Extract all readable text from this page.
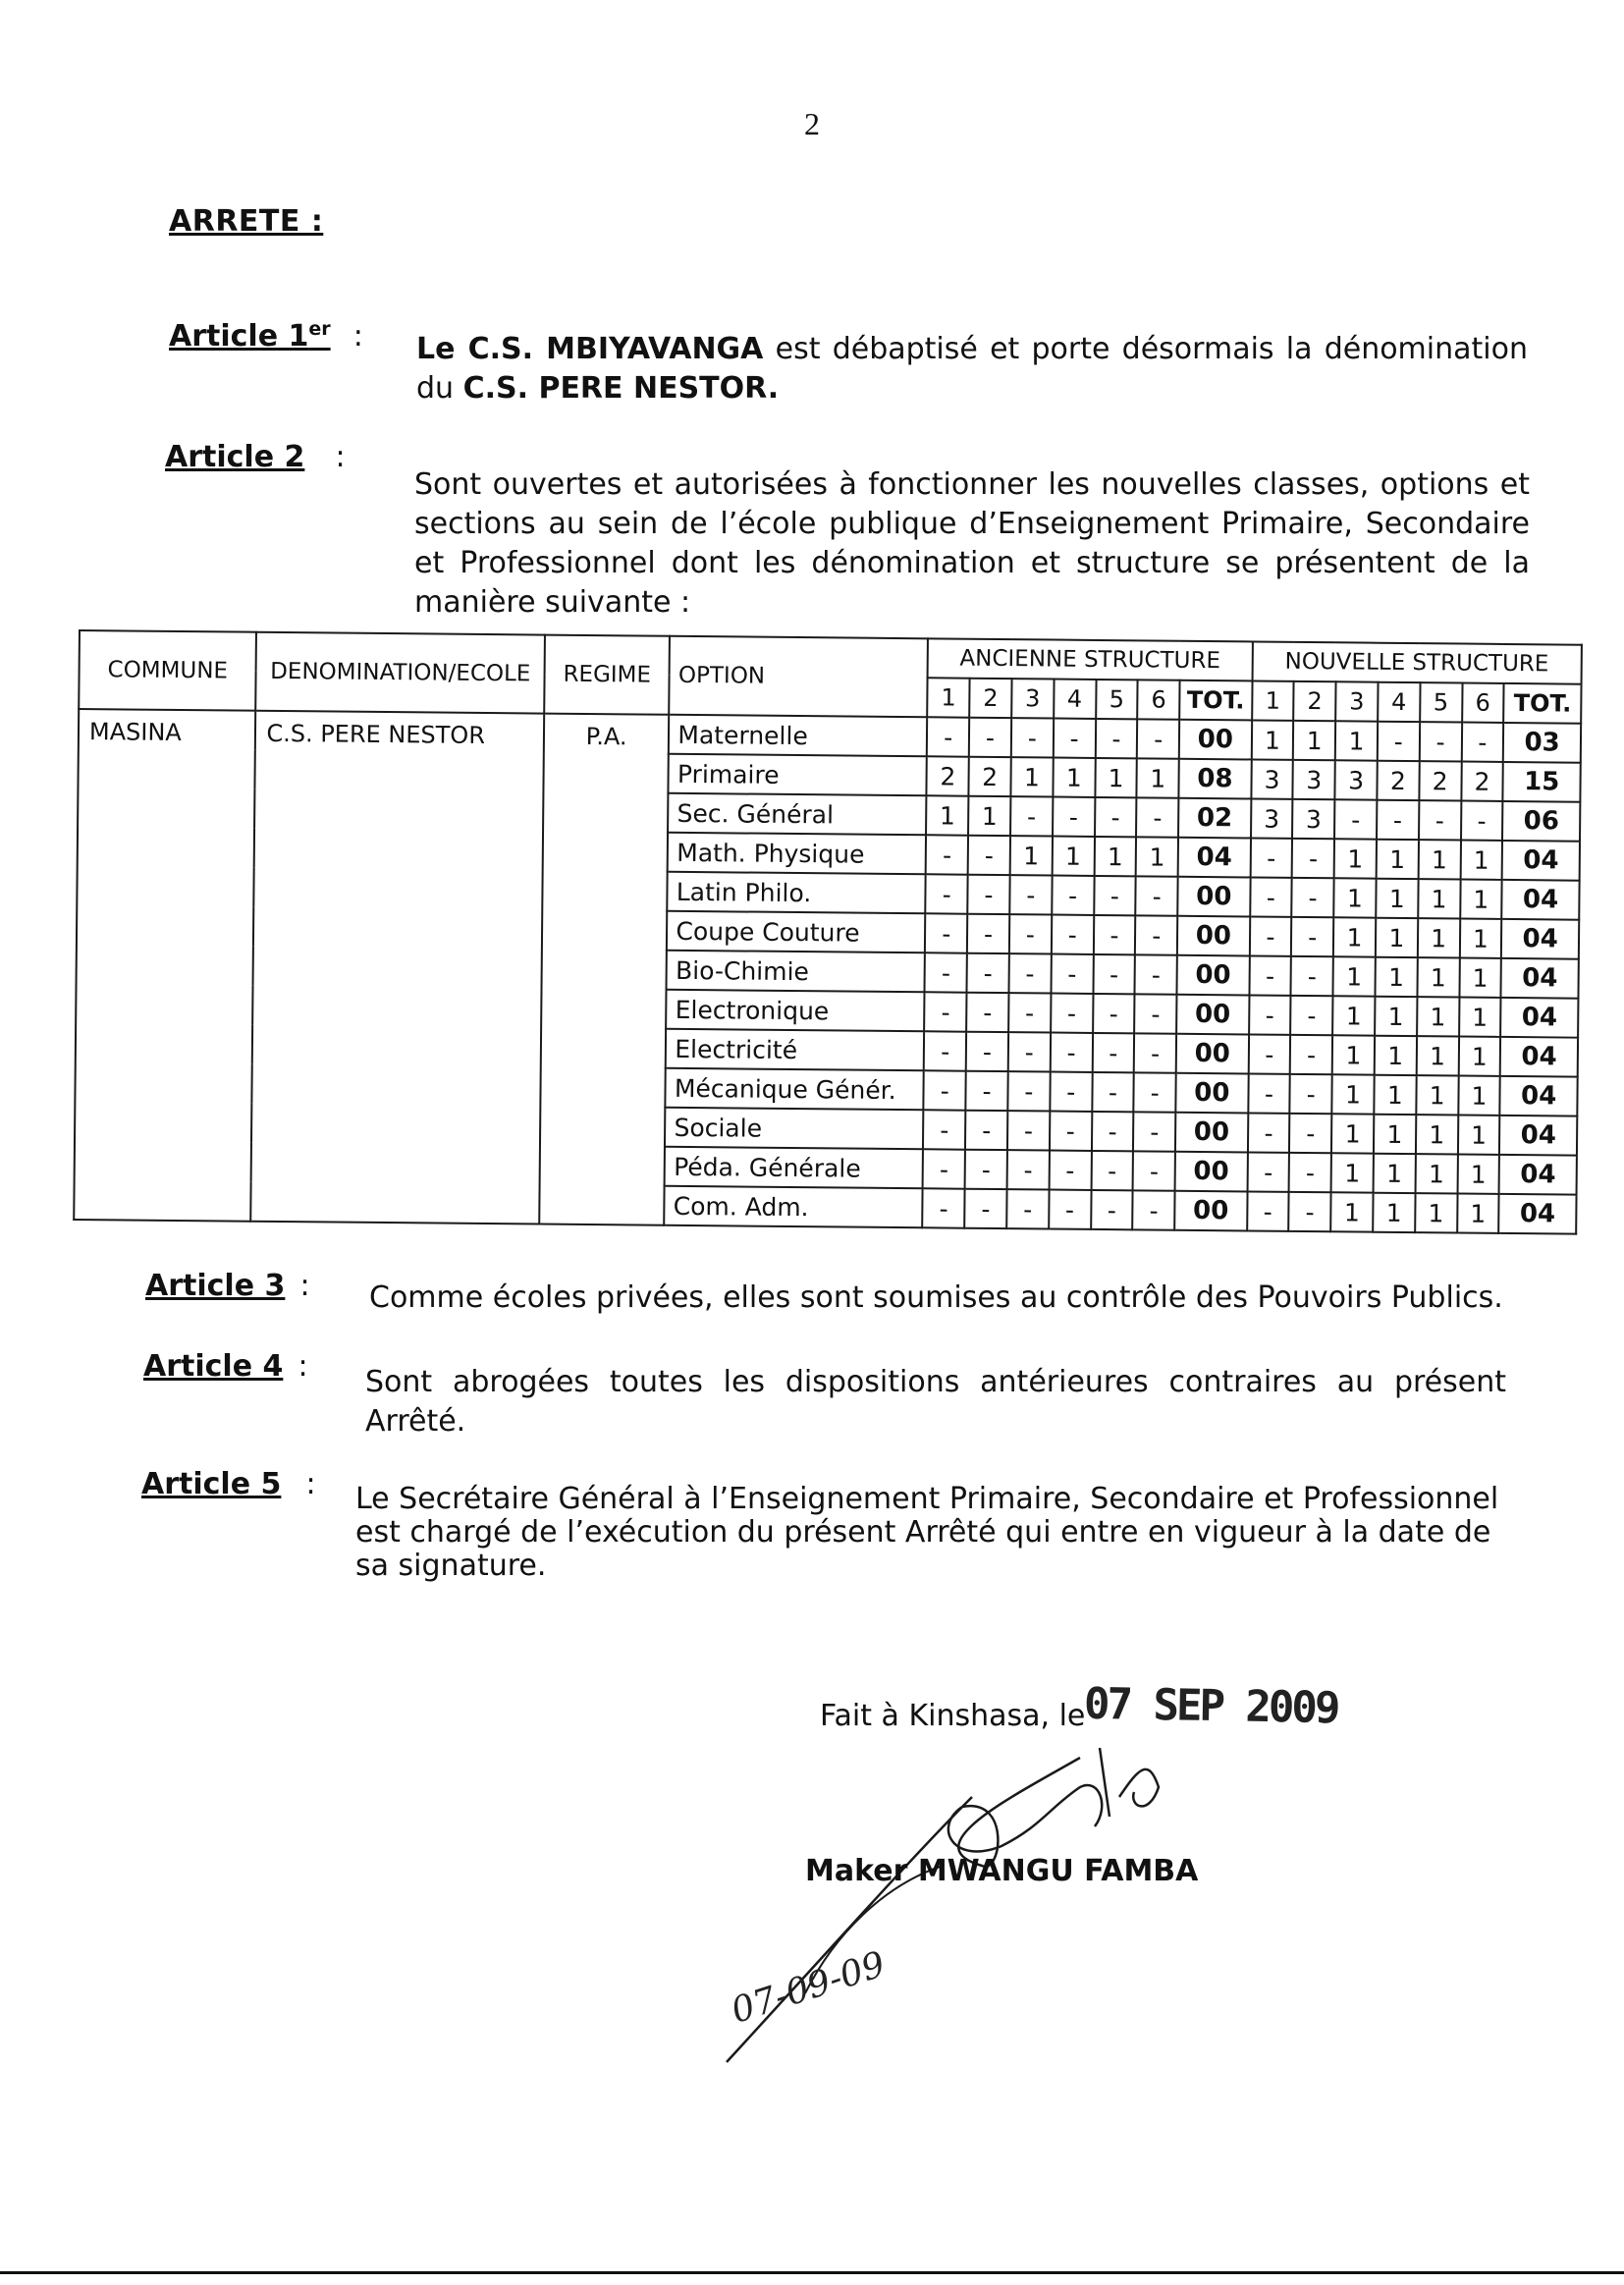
2
ARRETE :
Article 1er : Le C.S. MBIYAVANGA est débaptisé et porte désormais la dénomination du C.S. PERE NESTOR.
Article 2 :
Sont ouvertes et autorisées à fonctionner les nouvelles classes, options et sections au sein de l’école publique d’Enseignement Primaire, Secondaire et Professionnel dont les dénomination et structure se présentent de la manière suivante :
COMMUNE	DENOMINATION/ECOLE	REGIME	OPTION	ANCIENNE STRUCTURE							NOUVELLE STRUCTURE						
				1	2	3	4	5	6	TOT.	1	2	3	4	5	6	TOT.
MASINA	C.S. PERE NESTOR	P.A.	Maternelle	-	-	-	-	-	-	00	1	1	1	-	-	-	03
			Primaire	2	2	1	1	1	1	08	3	3	3	2	2	2	15
			Sec. Général	1	1	-	-	-	-	02	3	3	-	-	-	-	06
			Math. Physique	-	-	1	1	1	1	04	-	-	1	1	1	1	04
			Latin Philo.	-	-	-	-	-	-	00	-	-	1	1	1	1	04
			Coupe Couture	-	-	-	-	-	-	00	-	-	1	1	1	1	04
			Bio-Chimie	-	-	-	-	-	-	00	-	-	1	1	1	1	04
			Electronique	-	-	-	-	-	-	00	-	-	1	1	1	1	04
			Electricité	-	-	-	-	-	-	00	-	-	1	1	1	1	04
			Mécanique Génér.	-	-	-	-	-	-	00	-	-	1	1	1	1	04
			Sociale	-	-	-	-	-	-	00	-	-	1	1	1	1	04
			Péda. Générale	-	-	-	-	-	-	00	-	-	1	1	1	1	04
			Com. Adm.	-	-	-	-	-	-	00	-	-	1	1	1	1	04
Article 3 : Comme écoles privées, elles sont soumises au contrôle des Pouvoirs Publics.
Article 4 : Sont abrogées toutes les dispositions antérieures contraires au présent Arrêté.
Article 5 : Le Secrétaire Général à l’Enseignement Primaire, Secondaire et Professionnel est chargé de l’exécution du présent Arrêté qui entre en vigueur à la date de sa signature.
Fait à Kinshasa, le
07 SEP 2009
Maker MWANGU FAMBA
07-09-09
